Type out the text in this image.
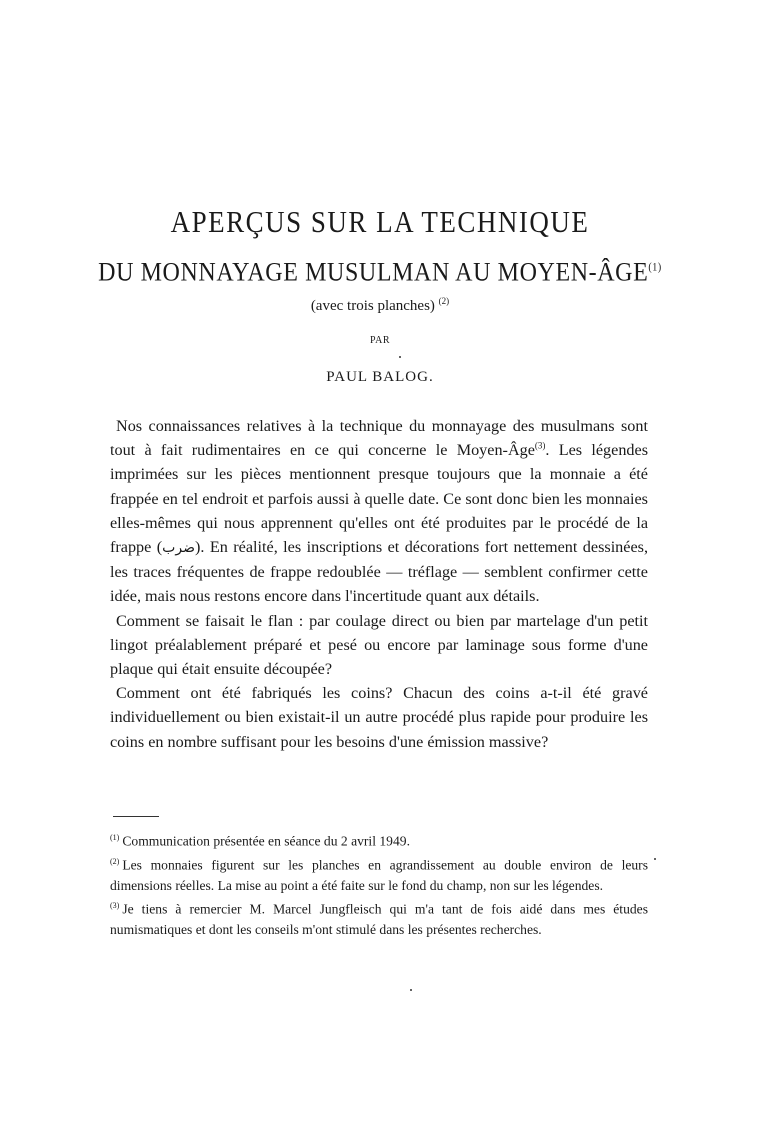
APERÇUS SUR LA TECHNIQUE
DU MONNAYAGE MUSULMAN AU MOYEN-ÂGE$^{(1)}$
(avec trois planches) $^{(2)}$
PAR
PAUL BALOG.

Nos connaissances relatives à la technique du monnayage des musulmans sont tout à fait rudimentaires en ce qui concerne le Moyen-Âge$^{(3)}$. Les légendes imprimées sur les pièces mentionnent presque toujours que la monnaie a été frappée en tel endroit et parfois aussi à quelle date. Ce sont donc bien les monnaies elles-mêmes qui nous apprennent qu'elles ont été produites par le procédé de la frappe (ضرب). En réalité, les inscriptions et décorations fort nettement dessinées, les traces fréquentes de frappe redoublée — tréflage — semblent confirmer cette idée, mais nous restons encore dans l'incertitude quant aux détails.

Comment se faisait le flan : par coulage direct ou bien par martelage d'un petit lingot préalablement préparé et pesé ou encore par laminage sous forme d'une plaque qui était ensuite découpée?

Comment ont été fabriqués les coins? Chacun des coins a-t-il été gravé individuellement ou bien existait-il un autre procédé plus rapide pour produire les coins en nombre suffisant pour les besoins d'une émission massive?

$^{(1)}$ Communication présentée en séance du 2 avril 1949.

$^{(2)}$ Les monnaies figurent sur les planches en agrandissement au double environ de leurs dimensions réelles. La mise au point a été faite sur le fond du champ, non sur les légendes.

$^{(3)}$ Je tiens à remercier M. Marcel Jungfleisch qui m'a tant de fois aidé dans mes études numismatiques et dont les conseils m'ont stimulé dans les présentes recherches.
